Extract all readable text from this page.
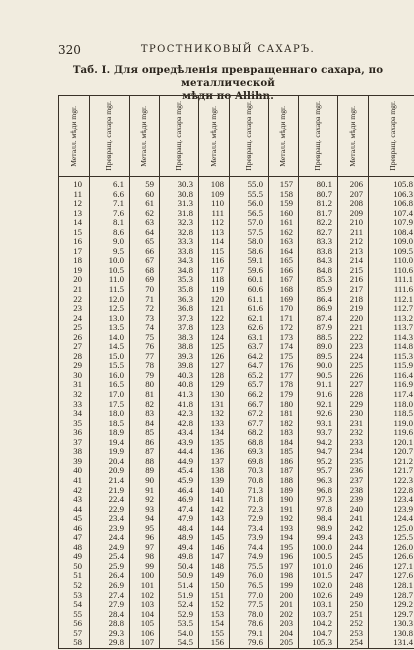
320	ТРОСТНИКОВЫЙ САХАРЪ.
Таб. I. Для опредѣленія превращеннаго сахара, по металлической
мѣди по Allihn.
Металл. мѣди mgr.	Превращ. сахара mgr.	Металл. мѣди mgr.	Превращ. сахара mgr.	Металл. мѣди mgr.	Превращ. сахара mgr.	Металл. мѣди mgr.	Превращ. сахара mgr.	Металл. мѣди mgr.	Превращ. сахара mgr.

10	6.1	59	30.3	108	55.0	157	80.1	206	105.8
11	6.6	60	30.8	109	55.5	158	80.7	207	106.3
12	7.1	61	31.3	110	56.0	159	81.2	208	106.8
13	7.6	62	31.8	111	56.5	160	81.7	209	107.4
14	8.1	63	32.3	112	57.0	161	82.2	210	107.9
15	8.6	64	32.8	113	57.5	162	82.7	211	108.4
16	9.0	65	33.3	114	58.0	163	83.3	212	109.0
17	9.5	66	33.8	115	58.6	164	83.8	213	109.5
18	10.0	67	34.3	116	59.1	165	84.3	214	110.0
19	10.5	68	34.8	117	59.6	166	84.8	215	110.6
20	11.0	69	35.3	118	60.1	167	85.3	216	111.1
21	11.5	70	35.8	119	60.6	168	85.9	217	111.6
22	12.0	71	36.3	120	61.1	169	86.4	218	112.1
23	12.5	72	36.8	121	61.6	170	86.9	219	112.7
24	13.0	73	37.3	122	62.1	171	87.4	220	113.2
25	13.5	74	37.8	123	62.6	172	87.9	221	113.7
26	14.0	75	38.3	124	63.1	173	88.5	222	114.3
27	14.5	76	38.8	125	63.7	174	89.0	223	114.8
28	15.0	77	39.3	126	64.2	175	89.5	224	115.3
29	15.5	78	39.8	127	64.7	176	90.0	225	115.9
30	16.0	79	40.3	128	65.2	177	90.5	226	116.4
31	16.5	80	40.8	129	65.7	178	91.1	227	116.9
32	17.0	81	41.3	130	66.2	179	91.6	228	117.4
33	17.5	82	41.8	131	66.7	180	92.1	229	118.0
34	18.0	83	42.3	132	67.2	181	92.6	230	118.5
35	18.5	84	42.8	133	67.7	182	93.1	231	119.0
36	18.9	85	43.4	134	68.2	183	93.7	232	119.6
37	19.4	86	43.9	135	68.8	184	94.2	233	120.1
38	19.9	87	44.4	136	69.3	185	94.7	234	120.7
39	20.4	88	44.9	137	69.8	186	95.2	235	121.2
40	20.9	89	45.4	138	70.3	187	95.7	236	121.7
41	21.4	90	45.9	139	70.8	188	96.3	237	122.3
42	21.9	91	46.4	140	71.3	189	96.8	238	122.8
43	22.4	92	46.9	141	71.8	190	97.3	239	123.4
44	22.9	93	47.4	142	72.3	191	97.8	240	123.9
45	23.4	94	47.9	143	72.9	192	98.4	241	124.4
46	23.9	95	48.4	144	73.4	193	98.9	242	125.0
47	24.4	96	48.9	145	73.9	194	99.4	243	125.5
48	24.9	97	49.4	146	74.4	195	100.0	244	126.0
49	25.4	98	49.8	147	74.9	196	100.5	245	126.6
50	25.9	99	50.4	148	75.5	197	101.0	246	127.1
51	26.4	100	50.9	149	76.0	198	101.5	247	127.6
52	26.9	101	51.4	150	76.5	199	102.0	248	128.1
53	27.4	102	51.9	151	77.0	200	102.6	249	128.7
54	27.9	103	52.4	152	77.5	201	103.1	250	129.2
55	28.4	104	52.9	153	78.0	202	103.7	251	129.7
56	28.8	105	53.5	154	78.6	203	104.2	252	130.3
57	29.3	106	54.0	155	79.1	204	104.7	253	130.8
58	29.8	107	54.5	156	79.6	205	105.3	254	131.4
